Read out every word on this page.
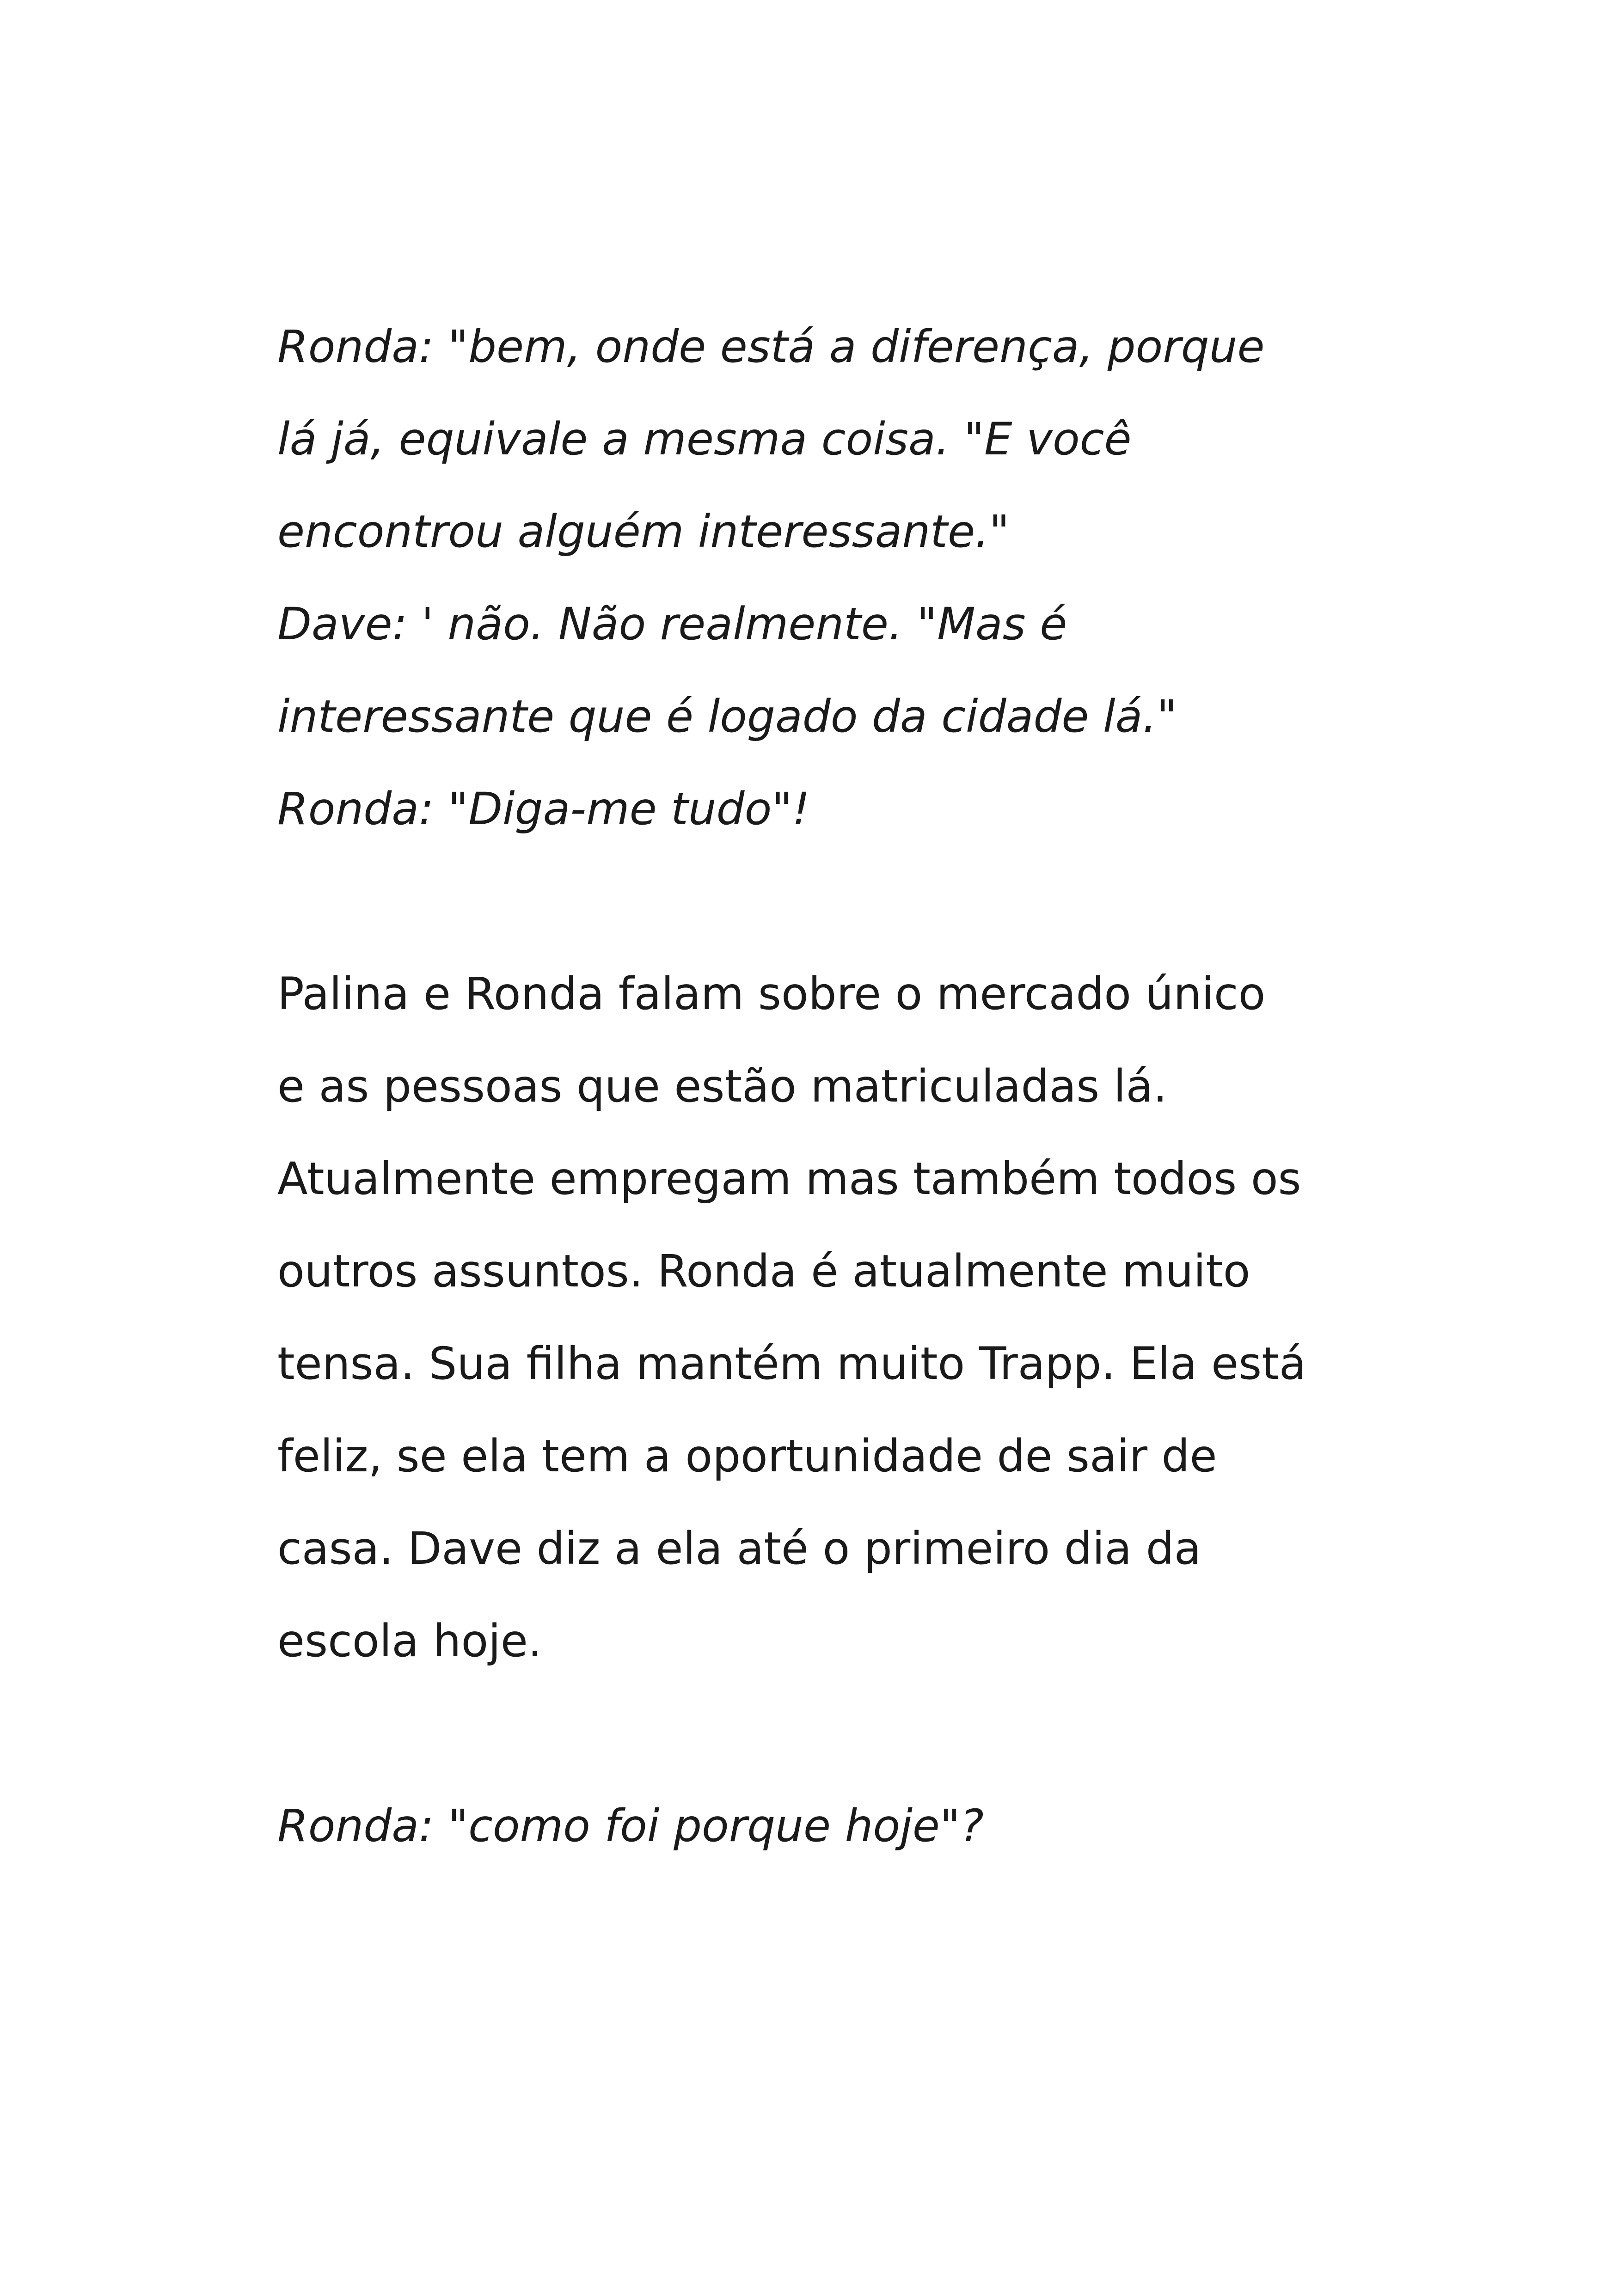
Ronda: "bem, onde está a diferença, porque
lá já, equivale a mesma coisa. "E você
encontrou alguém interessante."
Dave: ' não. Não realmente. "Mas é
interessante que é logado da cidade lá."
Ronda: "Diga-me tudo"!
Palina e Ronda falam sobre o mercado único
e as pessoas que estão matriculadas lá.
Atualmente empregam mas também todos os
outros assuntos. Ronda é atualmente muito
tensa. Sua filha mantém muito Trapp. Ela está
feliz, se ela tem a oportunidade de sair de
casa. Dave diz a ela até o primeiro dia da
escola hoje.
Ronda: "como foi porque hoje"?
